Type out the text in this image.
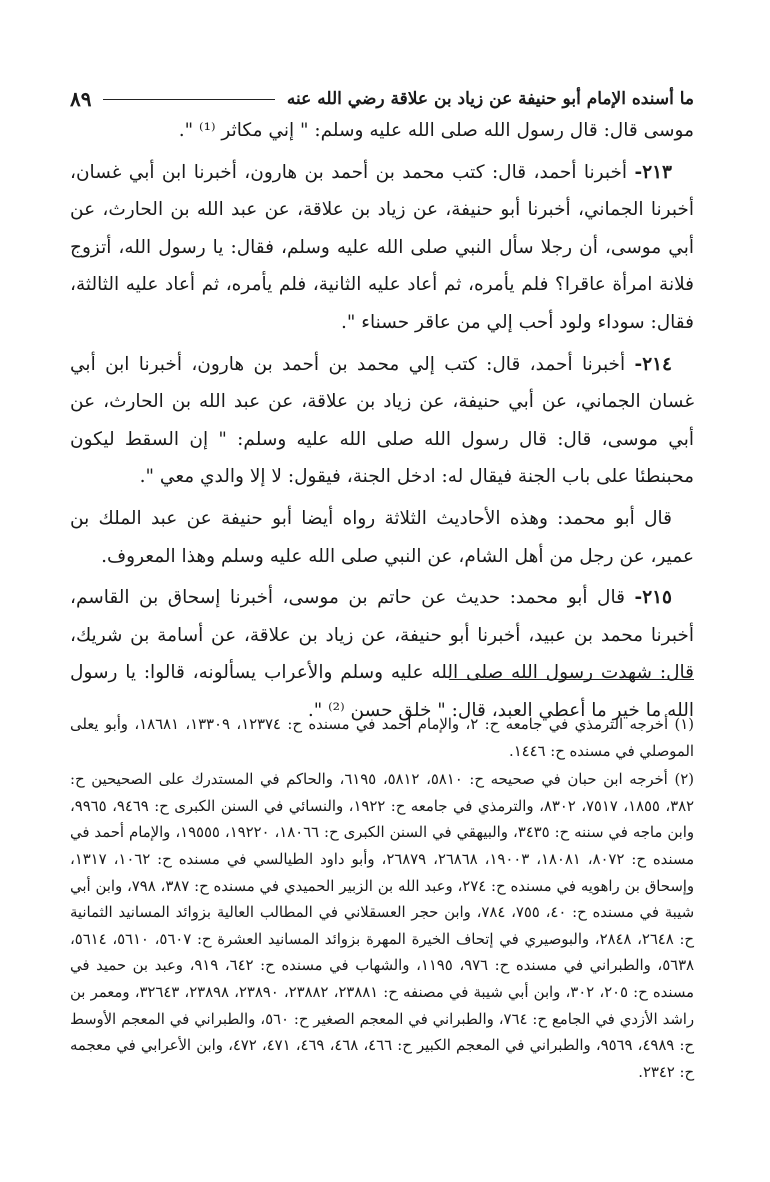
ما أسنده الإمام أبو حنيفة عن زياد بن علاقة رضي الله عنه
٨٩

موسى قال: قال رسول الله صلى الله عليه وسلم: " إني مكاثر ⁽¹⁾ ".

٢١٣- أخبرنا أحمد، قال: كتب محمد بن أحمد بن هارون، أخبرنا ابن أبي غسان، أخبرنا الجماني، أخبرنا أبو حنيفة، عن زياد بن علاقة، عن عبد الله بن الحارث، عن أبي موسى، أن رجلا سأل النبي صلى الله عليه وسلم، فقال: يا رسول الله، أتزوج فلانة امرأة عاقرا؟ فلم يأمره، ثم أعاد عليه الثانية، فلم يأمره، ثم أعاد عليه الثالثة، فقال: سوداء ولود أحب إلي من عاقر حسناء ".

٢١٤- أخبرنا أحمد، قال: كتب إلي محمد بن أحمد بن هارون، أخبرنا ابن أبي غسان الجماني، عن أبي حنيفة، عن زياد بن علاقة، عن عبد الله بن الحارث، عن أبي موسى، قال: قال رسول الله صلى الله عليه وسلم: " إن السقط ليكون محبنطئا على باب الجنة فيقال له: ادخل الجنة، فيقول: لا إلا والدي معي ".

قال أبو محمد: وهذه الأحاديث الثلاثة رواه أيضا أبو حنيفة عن عبد الملك بن عمير، عن رجل من أهل الشام، عن النبي صلى الله عليه وسلم وهذا المعروف.

٢١٥- قال أبو محمد: حديث عن حاتم بن موسى، أخبرنا إسحاق بن القاسم، أخبرنا محمد بن عبيد، أخبرنا أبو حنيفة، عن زياد بن علاقة، عن أسامة بن شريك، قال: شهدت رسول الله صلى الله عليه وسلم والأعراب يسألونه، قالوا: يا رسول الله ما خير ما أعطي العبد، قال: " خلق حسن ⁽²⁾ ".

(١) أخرجه الترمذي في جامعه ح: ٢، والإمام أحمد في مسنده ح: ١٢٣٧٤، ١٣٣٠٩، ١٨٦٨١، وأبو يعلى الموصلي في مسنده ح: ١٤٤٦.

(٢) أخرجه ابن حبان في صحيحه ح: ٥٨١٠، ٥٨١٢، ٦١٩٥، والحاكم في المستدرك على الصحيحين ح: ٣٨٢، ١٨٥٥، ٧٥١٧، ٨٣٠٢، والترمذي في جامعه ح: ١٩٢٢، والنسائي في السنن الكبرى ح: ٩٤٦٩، ٩٩٦٥، وابن ماجه في سننه ح: ٣٤٣٥، والبيهقي في السنن الكبرى ح: ١٨٠٦٦، ١٩٢٢٠، ١٩٥٥٥، والإمام أحمد في مسنده ح: ٨٠٧٢، ١٨٠٨١، ١٩٠٠٣، ٢٦٨٦٨، ٢٦٨٧٩، وأبو داود الطيالسي في مسنده ح: ١٠٦٢، ١٣١٧، وإسحاق بن راهويه في مسنده ح: ٢٧٤، وعبد الله بن الزبير الحميدي في مسنده ح: ٣٨٧، ٧٩٨، وابن أبي شيبة في مسنده ح: ٤٠، ٧٥٥، ٧٨٤، وابن حجر العسقلاني في المطالب العالية بزوائد المسانيد الثمانية ح: ٢٦٤٨، ٢٨٤٨، والبوصيري في إتحاف الخيرة المهرة بزوائد المسانيد العشرة ح: ٥٦٠٧، ٥٦١٠، ٥٦١٤، ٥٦٣٨، والطبراني في مسنده ح: ٩٧٦، ١١٩٥، والشهاب في مسنده ح: ٦٤٢، ٩١٩، وعبد بن حميد في مسنده ح: ٢٠٥، ٣٠٢، وابن أبي شيبة في مصنفه ح: ٢٣٨٨١، ٢٣٨٨٢، ٢٣٨٩٠، ٢٣٨٩٨، ٣٢٦٤٣، ومعمر بن راشد الأزدي في الجامع ح: ٧٦٤، والطبراني في المعجم الصغير ح: ٥٦٠، والطبراني في المعجم الأوسط ح: ٤٩٨٩، ٩٥٦٩، والطبراني في المعجم الكبير ح: ٤٦٦، ٤٦٨، ٤٦٩، ٤٧١، ٤٧٢، وابن الأعرابي في معجمه ح: ٢٣٤٢.
